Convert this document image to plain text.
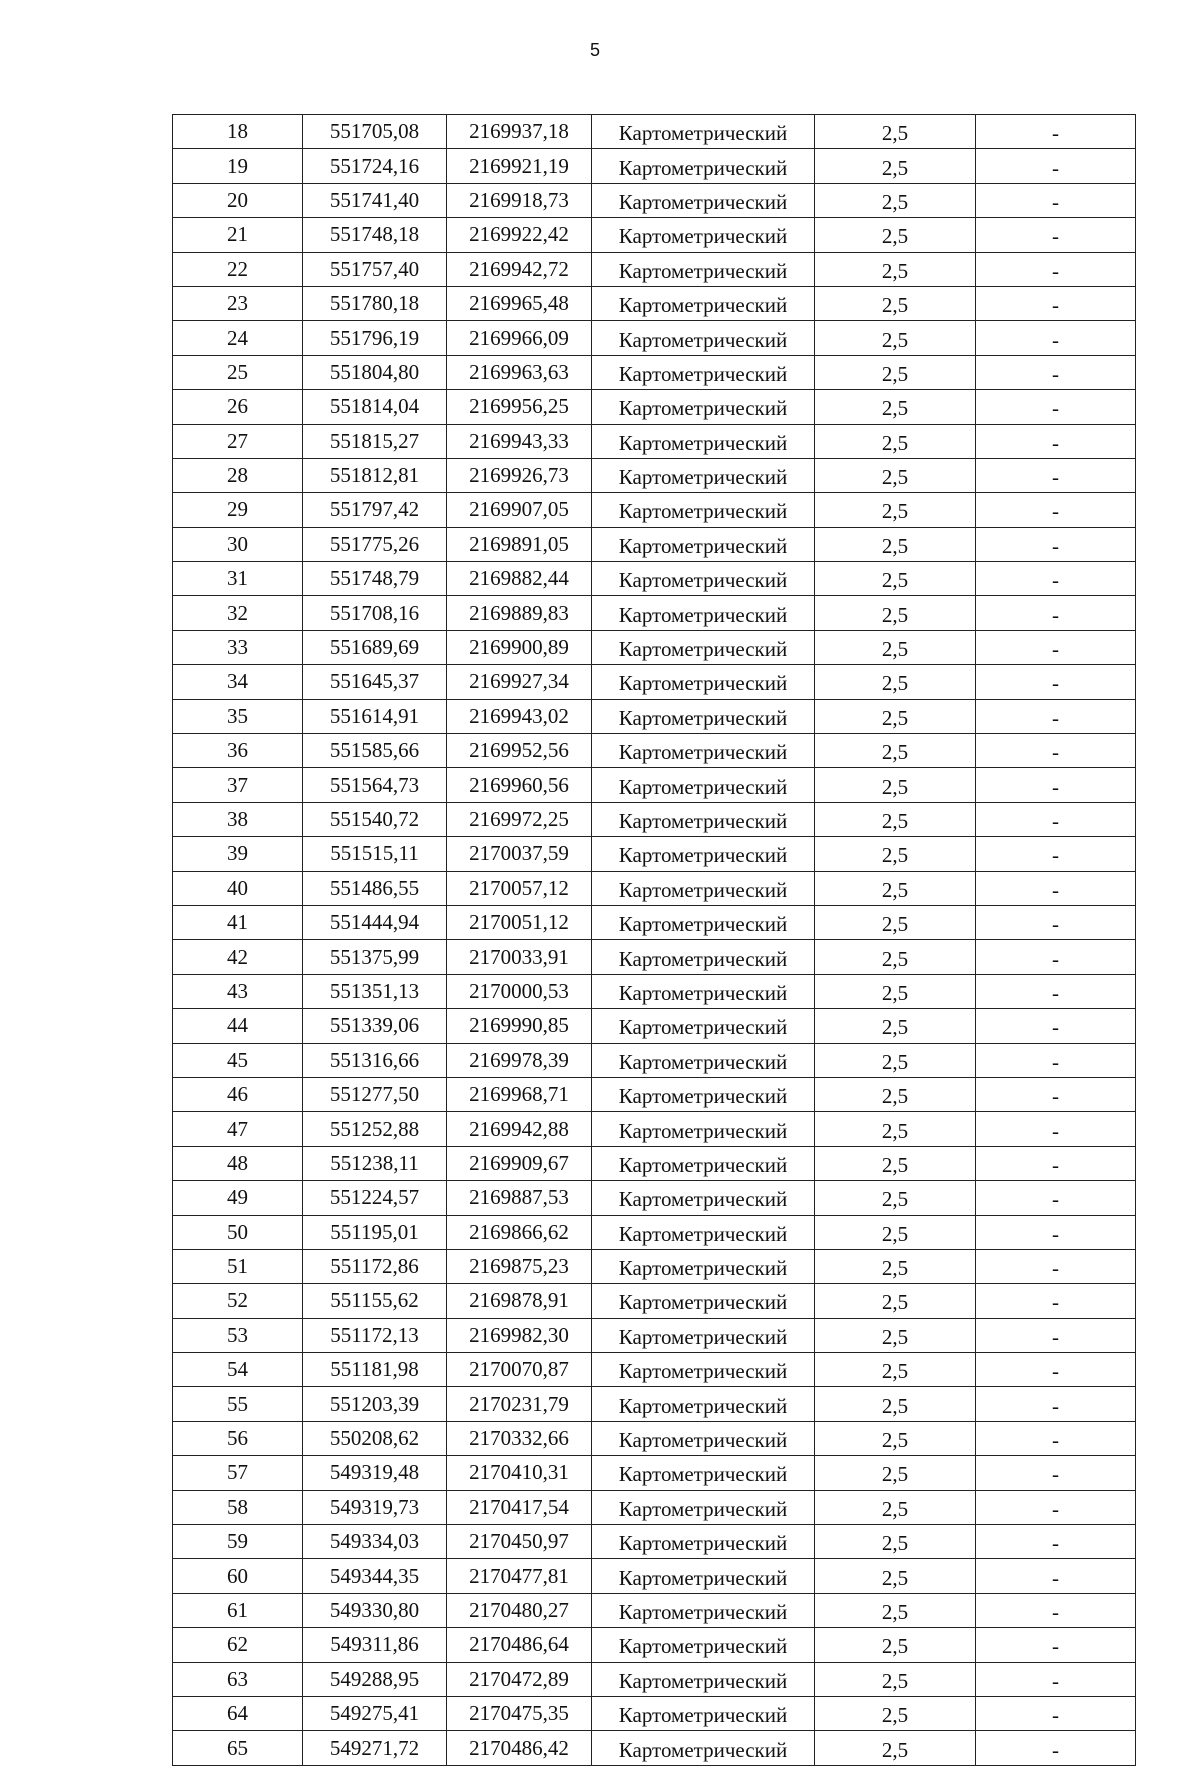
5
18	551705,08	2169937,18	Картометрический	2,5	-
19	551724,16	2169921,19	Картометрический	2,5	-
20	551741,40	2169918,73	Картометрический	2,5	-
21	551748,18	2169922,42	Картометрический	2,5	-
22	551757,40	2169942,72	Картометрический	2,5	-
23	551780,18	2169965,48	Картометрический	2,5	-
24	551796,19	2169966,09	Картометрический	2,5	-
25	551804,80	2169963,63	Картометрический	2,5	-
26	551814,04	2169956,25	Картометрический	2,5	-
27	551815,27	2169943,33	Картометрический	2,5	-
28	551812,81	2169926,73	Картометрический	2,5	-
29	551797,42	2169907,05	Картометрический	2,5	-
30	551775,26	2169891,05	Картометрический	2,5	-
31	551748,79	2169882,44	Картометрический	2,5	-
32	551708,16	2169889,83	Картометрический	2,5	-
33	551689,69	2169900,89	Картометрический	2,5	-
34	551645,37	2169927,34	Картометрический	2,5	-
35	551614,91	2169943,02	Картометрический	2,5	-
36	551585,66	2169952,56	Картометрический	2,5	-
37	551564,73	2169960,56	Картометрический	2,5	-
38	551540,72	2169972,25	Картометрический	2,5	-
39	551515,11	2170037,59	Картометрический	2,5	-
40	551486,55	2170057,12	Картометрический	2,5	-
41	551444,94	2170051,12	Картометрический	2,5	-
42	551375,99	2170033,91	Картометрический	2,5	-
43	551351,13	2170000,53	Картометрический	2,5	-
44	551339,06	2169990,85	Картометрический	2,5	-
45	551316,66	2169978,39	Картометрический	2,5	-
46	551277,50	2169968,71	Картометрический	2,5	-
47	551252,88	2169942,88	Картометрический	2,5	-
48	551238,11	2169909,67	Картометрический	2,5	-
49	551224,57	2169887,53	Картометрический	2,5	-
50	551195,01	2169866,62	Картометрический	2,5	-
51	551172,86	2169875,23	Картометрический	2,5	-
52	551155,62	2169878,91	Картометрический	2,5	-
53	551172,13	2169982,30	Картометрический	2,5	-
54	551181,98	2170070,87	Картометрический	2,5	-
55	551203,39	2170231,79	Картометрический	2,5	-
56	550208,62	2170332,66	Картометрический	2,5	-
57	549319,48	2170410,31	Картометрический	2,5	-
58	549319,73	2170417,54	Картометрический	2,5	-
59	549334,03	2170450,97	Картометрический	2,5	-
60	549344,35	2170477,81	Картометрический	2,5	-
61	549330,80	2170480,27	Картометрический	2,5	-
62	549311,86	2170486,64	Картометрический	2,5	-
63	549288,95	2170472,89	Картометрический	2,5	-
64	549275,41	2170475,35	Картометрический	2,5	-
65	549271,72	2170486,42	Картометрический	2,5	-
